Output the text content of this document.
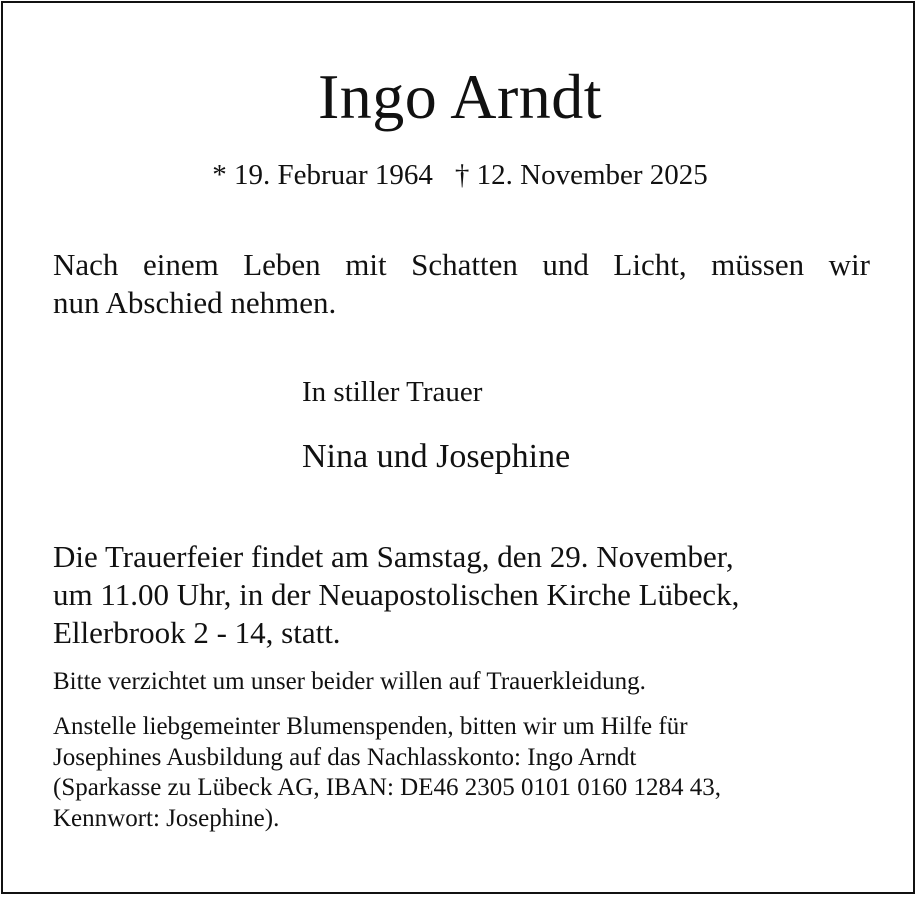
Ingo Arndt
* 19. Februar 1964 † 12. November 2025
Nach einem Leben mit Schatten und Licht, müssen wir
nun Abschied nehmen.
In stiller Trauer
Nina und Josephine
Die Trauerfeier findet am Samstag, den 29. November,
um 11.00 Uhr, in der Neuapostolischen Kirche Lübeck,
Ellerbrook 2 - 14, statt.
Bitte verzichtet um unser beider willen auf Trauerkleidung.
Anstelle liebgemeinter Blumenspenden, bitten wir um Hilfe für
Josephines Ausbildung auf das Nachlasskonto: Ingo Arndt
(Sparkasse zu Lübeck AG, IBAN: DE46 2305 0101 0160 1284 43,
Kennwort: Josephine).
